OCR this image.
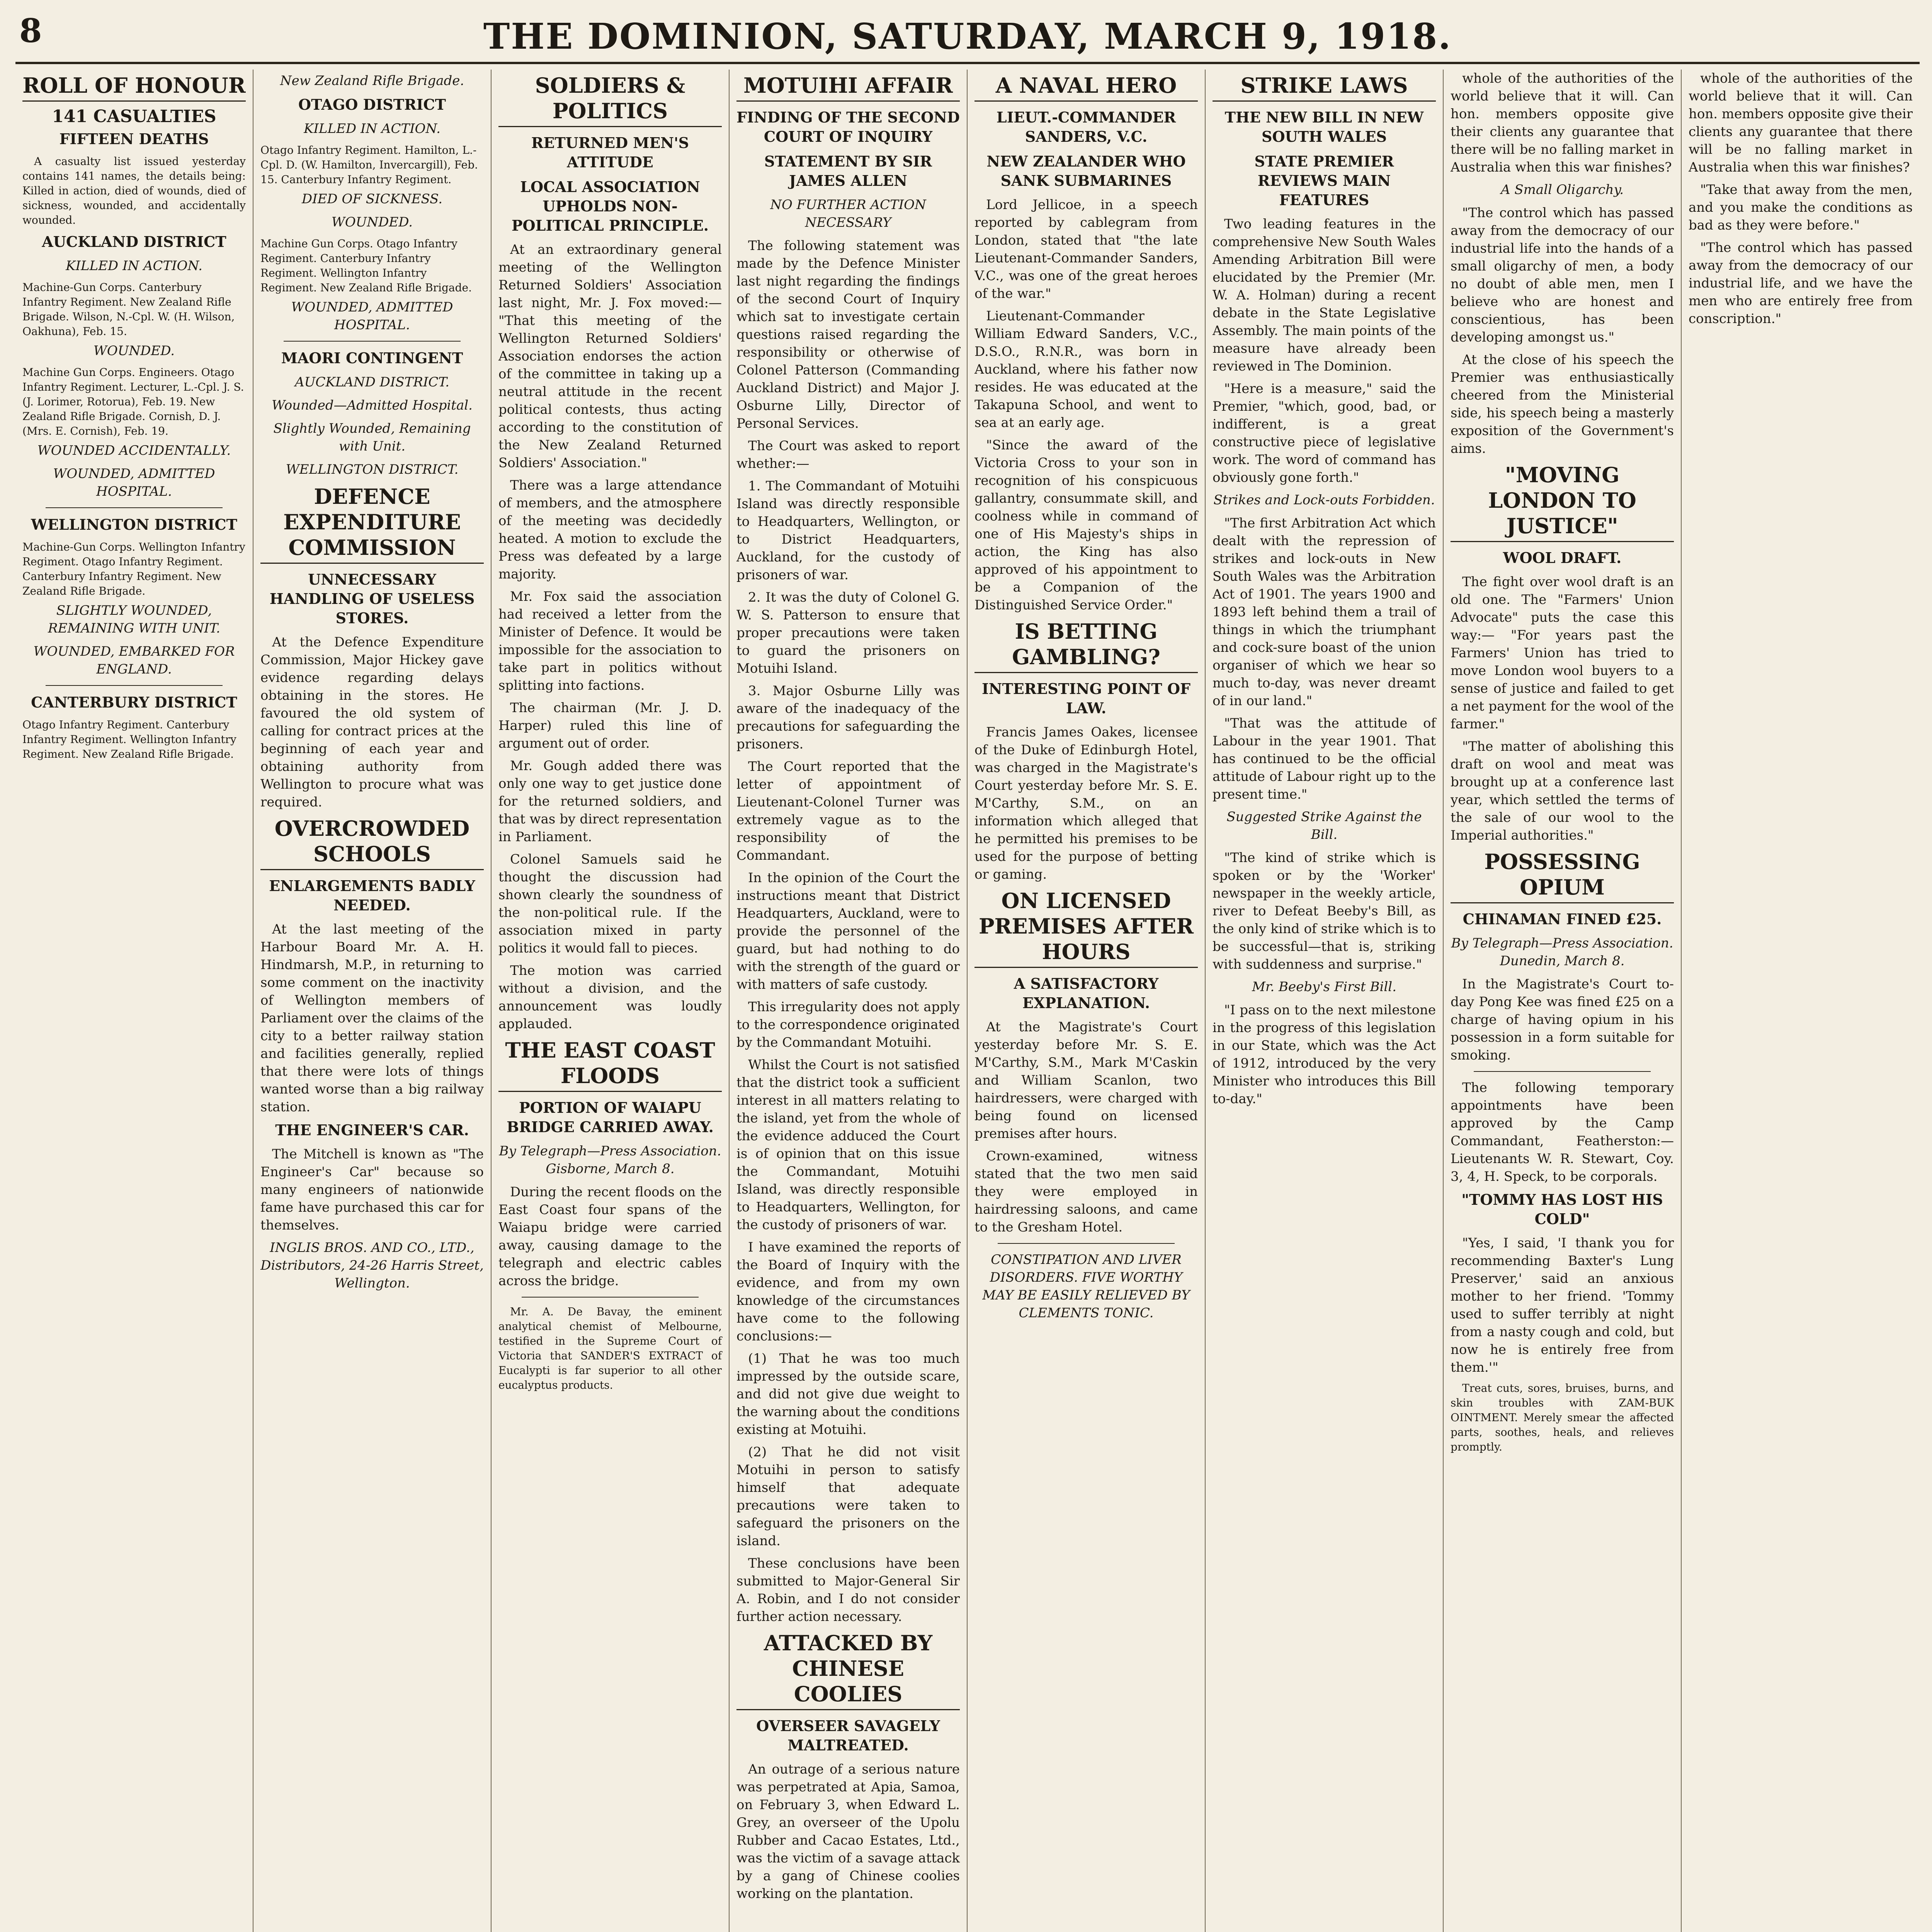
8	THE DOMINION, SATURDAY, MARCH 9, 1918.
ROLL OF HONOUR
141 CASUALTIES
FIFTEEN DEATHS

A casualty list issued yesterday contains 141 names, the details being: Killed in action, died of wounds, died of sickness, wounded, and accidentally wounded.

AUCKLAND DISTRICT
KILLED IN ACTION.

Machine-Gun Corps. Canterbury Infantry Regiment. New Zealand Rifle Brigade. Wilson, N.-Cpl. W. (H. Wilson, Oakhuna), Feb. 15.

WOUNDED.

Machine Gun Corps. Engineers. Otago Infantry Regiment. Lecturer, L.-Cpl. J. S. (J. Lorimer, Rotorua), Feb. 19. New Zealand Rifle Brigade. Cornish, D. J. (Mrs. E. Cornish), Feb. 19.

WOUNDED ACCIDENTALLY.
WOUNDED, ADMITTED HOSPITAL.
WELLINGTON DISTRICT

Machine-Gun Corps. Wellington Infantry Regiment. Otago Infantry Regiment. Canterbury Infantry Regiment. New Zealand Rifle Brigade.

SLIGHTLY WOUNDED, REMAINING WITH UNIT.
WOUNDED, EMBARKED FOR ENGLAND.
CANTERBURY DISTRICT

Otago Infantry Regiment. Canterbury Infantry Regiment. Wellington Infantry Regiment. New Zealand Rifle Brigade.

New Zealand Rifle Brigade.
OTAGO DISTRICT
KILLED IN ACTION.

Otago Infantry Regiment. Hamilton, L.-Cpl. D. (W. Hamilton, Invercargill), Feb. 15. Canterbury Infantry Regiment.

DIED OF SICKNESS.
WOUNDED.

Machine Gun Corps. Otago Infantry Regiment. Canterbury Infantry Regiment. Wellington Infantry Regiment. New Zealand Rifle Brigade.

WOUNDED, ADMITTED HOSPITAL.
MAORI CONTINGENT
AUCKLAND DISTRICT.
Wounded—Admitted Hospital.
Slightly Wounded, Remaining with Unit.
WELLINGTON DISTRICT.
DEFENCE EXPENDITURE COMMISSION
UNNECESSARY HANDLING OF USELESS STORES.

At the Defence Expenditure Commission, Major Hickey gave evidence regarding delays obtaining in the stores. He favoured the old system of calling for contract prices at the beginning of each year and obtaining authority from Wellington to procure what was required.

OVERCROWDED SCHOOLS
ENLARGEMENTS BADLY NEEDED.

At the last meeting of the Harbour Board Mr. A. H. Hindmarsh, M.P., in returning to some comment on the inactivity of Wellington members of Parliament over the claims of the city to a better railway station and facilities generally, replied that there were lots of things wanted worse than a big railway station.

THE ENGINEER'S CAR.

The Mitchell is known as "The Engineer's Car" because so many engineers of nationwide fame have purchased this car for themselves.

INGLIS BROS. AND CO., LTD., Distributors, 24-26 Harris Street, Wellington.
SOLDIERS & POLITICS
RETURNED MEN'S ATTITUDE
LOCAL ASSOCIATION UPHOLDS NON-POLITICAL PRINCIPLE.

At an extraordinary general meeting of the Wellington Returned Soldiers' Association last night, Mr. J. Fox moved:— "That this meeting of the Wellington Returned Soldiers' Association endorses the action of the committee in taking up a neutral attitude in the recent political contests, thus acting according to the constitution of the New Zealand Returned Soldiers' Association."

There was a large attendance of members, and the atmosphere of the meeting was decidedly heated. A motion to exclude the Press was defeated by a large majority.

Mr. Fox said the association had received a letter from the Minister of Defence. It would be impossible for the association to take part in politics without splitting into factions.

The chairman (Mr. J. D. Harper) ruled this line of argument out of order.

Mr. Gough added there was only one way to get justice done for the returned soldiers, and that was by direct representation in Parliament.

Colonel Samuels said he thought the discussion had shown clearly the soundness of the non-political rule. If the association mixed in party politics it would fall to pieces.

The motion was carried without a division, and the announcement was loudly applauded.

THE EAST COAST FLOODS
PORTION OF WAIAPU BRIDGE CARRIED AWAY.
By Telegraph—Press Association. Gisborne, March 8.

During the recent floods on the East Coast four spans of the Waiapu bridge were carried away, causing damage to the telegraph and electric cables across the bridge.

Mr. A. De Bavay, the eminent analytical chemist of Melbourne, testified in the Supreme Court of Victoria that SANDER'S EXTRACT of Eucalypti is far superior to all other eucalyptus products.

MOTUIHI AFFAIR
FINDING OF THE SECOND COURT OF INQUIRY
STATEMENT BY SIR JAMES ALLEN
NO FURTHER ACTION NECESSARY

The following statement was made by the Defence Minister last night regarding the findings of the second Court of Inquiry which sat to investigate certain questions raised regarding the responsibility or otherwise of Colonel Patterson (Commanding Auckland District) and Major J. Osburne Lilly, Director of Personal Services.

The Court was asked to report whether:—

1. The Commandant of Motuihi Island was directly responsible to Headquarters, Wellington, or to District Headquarters, Auckland, for the custody of prisoners of war.

2. It was the duty of Colonel G. W. S. Patterson to ensure that proper precautions were taken to guard the prisoners on Motuihi Island.

3. Major Osburne Lilly was aware of the inadequacy of the precautions for safeguarding the prisoners.

The Court reported that the letter of appointment of Lieutenant-Colonel Turner was extremely vague as to the responsibility of the Commandant.

In the opinion of the Court the instructions meant that District Headquarters, Auckland, were to provide the personnel of the guard, but had nothing to do with the strength of the guard or with matters of safe custody.

This irregularity does not apply to the correspondence originated by the Commandant Motuihi.

Whilst the Court is not satisfied that the district took a sufficient interest in all matters relating to the island, yet from the whole of the evidence adduced the Court is of opinion that on this issue the Commandant, Motuihi Island, was directly responsible to Headquarters, Wellington, for the custody of prisoners of war.

I have examined the reports of the Board of Inquiry with the evidence, and from my own knowledge of the circumstances have come to the following conclusions:—

(1) That he was too much impressed by the outside scare, and did not give due weight to the warning about the conditions existing at Motuihi.

(2) That he did not visit Motuihi in person to satisfy himself that adequate precautions were taken to safeguard the prisoners on the island.

These conclusions have been submitted to Major-General Sir A. Robin, and I do not consider further action necessary.

ATTACKED BY CHINESE COOLIES
OVERSEER SAVAGELY MALTREATED.

An outrage of a serious nature was perpetrated at Apia, Samoa, on February 3, when Edward L. Grey, an overseer of the Upolu Rubber and Cacao Estates, Ltd., was the victim of a savage attack by a gang of Chinese coolies working on the plantation.

A NAVAL HERO
LIEUT.-COMMANDER SANDERS, V.C.
NEW ZEALANDER WHO SANK SUBMARINES

Lord Jellicoe, in a speech reported by cablegram from London, stated that "the late Lieutenant-Commander Sanders, V.C., was one of the great heroes of the war."

Lieutenant-Commander William Edward Sanders, V.C., D.S.O., R.N.R., was born in Auckland, where his father now resides. He was educated at the Takapuna School, and went to sea at an early age.

"Since the award of the Victoria Cross to your son in recognition of his conspicuous gallantry, consummate skill, and coolness while in command of one of His Majesty's ships in action, the King has also approved of his appointment to be a Companion of the Distinguished Service Order."

IS BETTING GAMBLING?
INTERESTING POINT OF LAW.

Francis James Oakes, licensee of the Duke of Edinburgh Hotel, was charged in the Magistrate's Court yesterday before Mr. S. E. M'Carthy, S.M., on an information which alleged that he permitted his premises to be used for the purpose of betting or gaming.

ON LICENSED PREMISES AFTER HOURS
A SATISFACTORY EXPLANATION.

At the Magistrate's Court yesterday before Mr. S. E. M'Carthy, S.M., Mark M'Caskin and William Scanlon, two hairdressers, were charged with being found on licensed premises after hours.

Crown-examined, witness stated that the two men said they were employed in hairdressing saloons, and came to the Gresham Hotel.

CONSTIPATION AND LIVER DISORDERS. FIVE WORTHY MAY BE EASILY RELIEVED BY CLEMENTS TONIC.
STRIKE LAWS
THE NEW BILL IN NEW SOUTH WALES
STATE PREMIER REVIEWS MAIN FEATURES

Two leading features in the comprehensive New South Wales Amending Arbitration Bill were elucidated by the Premier (Mr. W. A. Holman) during a recent debate in the State Legislative Assembly. The main points of the measure have already been reviewed in The Dominion.

"Here is a measure," said the Premier, "which, good, bad, or indifferent, is a great constructive piece of legislative work. The word of command has obviously gone forth."

Strikes and Lock-outs Forbidden.

"The first Arbitration Act which dealt with the repression of strikes and lock-outs in New South Wales was the Arbitration Act of 1901. The years 1900 and 1893 left behind them a trail of things in which the triumphant and cock-sure boast of the union organiser of which we hear so much to-day, was never dreamt of in our land."

"That was the attitude of Labour in the year 1901. That has continued to be the official attitude of Labour right up to the present time."

Suggested Strike Against the Bill.

"The kind of strike which is spoken or by the 'Worker' newspaper in the weekly article, river to Defeat Beeby's Bill, as the only kind of strike which is to be successful—that is, striking with suddenness and surprise."

Mr. Beeby's First Bill.

"I pass on to the next milestone in the progress of this legislation in our State, which was the Act of 1912, introduced by the very Minister who introduces this Bill to-day."

whole of the authorities of the world believe that it will. Can hon. members opposite give their clients any guarantee that there will be no falling market in Australia when this war finishes?

A Small Oligarchy.

"The control which has passed away from the democracy of our industrial life into the hands of a small oligarchy of men, a body no doubt of able men, men I believe who are honest and conscientious, has been developing amongst us."

At the close of his speech the Premier was enthusiastically cheered from the Ministerial side, his speech being a masterly exposition of the Government's aims.

"MOVING LONDON TO JUSTICE"
WOOL DRAFT.

The fight over wool draft is an old one. The "Farmers' Union Advocate" puts the case this way:— "For years past the Farmers' Union has tried to move London wool buyers to a sense of justice and failed to get a net payment for the wool of the farmer."

"The matter of abolishing this draft on wool and meat was brought up at a conference last year, which settled the terms of the sale of our wool to the Imperial authorities."

POSSESSING OPIUM
CHINAMAN FINED £25.
By Telegraph—Press Association. Dunedin, March 8.

In the Magistrate's Court to-day Pong Kee was fined £25 on a charge of having opium in his possession in a form suitable for smoking.

The following temporary appointments have been approved by the Camp Commandant, Featherston:—Lieutenants W. R. Stewart, Coy. 3, 4, H. Speck, to be corporals.

"TOMMY HAS LOST HIS COLD"

"Yes, I said, 'I thank you for recommending Baxter's Lung Preserver,' said an anxious mother to her friend. 'Tommy used to suffer terribly at night from a nasty cough and cold, but now he is entirely free from them.'"

Treat cuts, sores, bruises, burns, and skin troubles with ZAM-BUK OINTMENT. Merely smear the affected parts, soothes, heals, and relieves promptly.

whole of the authorities of the world believe that it will. Can hon. members opposite give their clients any guarantee that there will be no falling market in Australia when this war finishes?

"Take that away from the men, and you make the conditions as bad as they were before."

"The control which has passed away from the democracy of our industrial life, and we have the men who are entirely free from conscription."
